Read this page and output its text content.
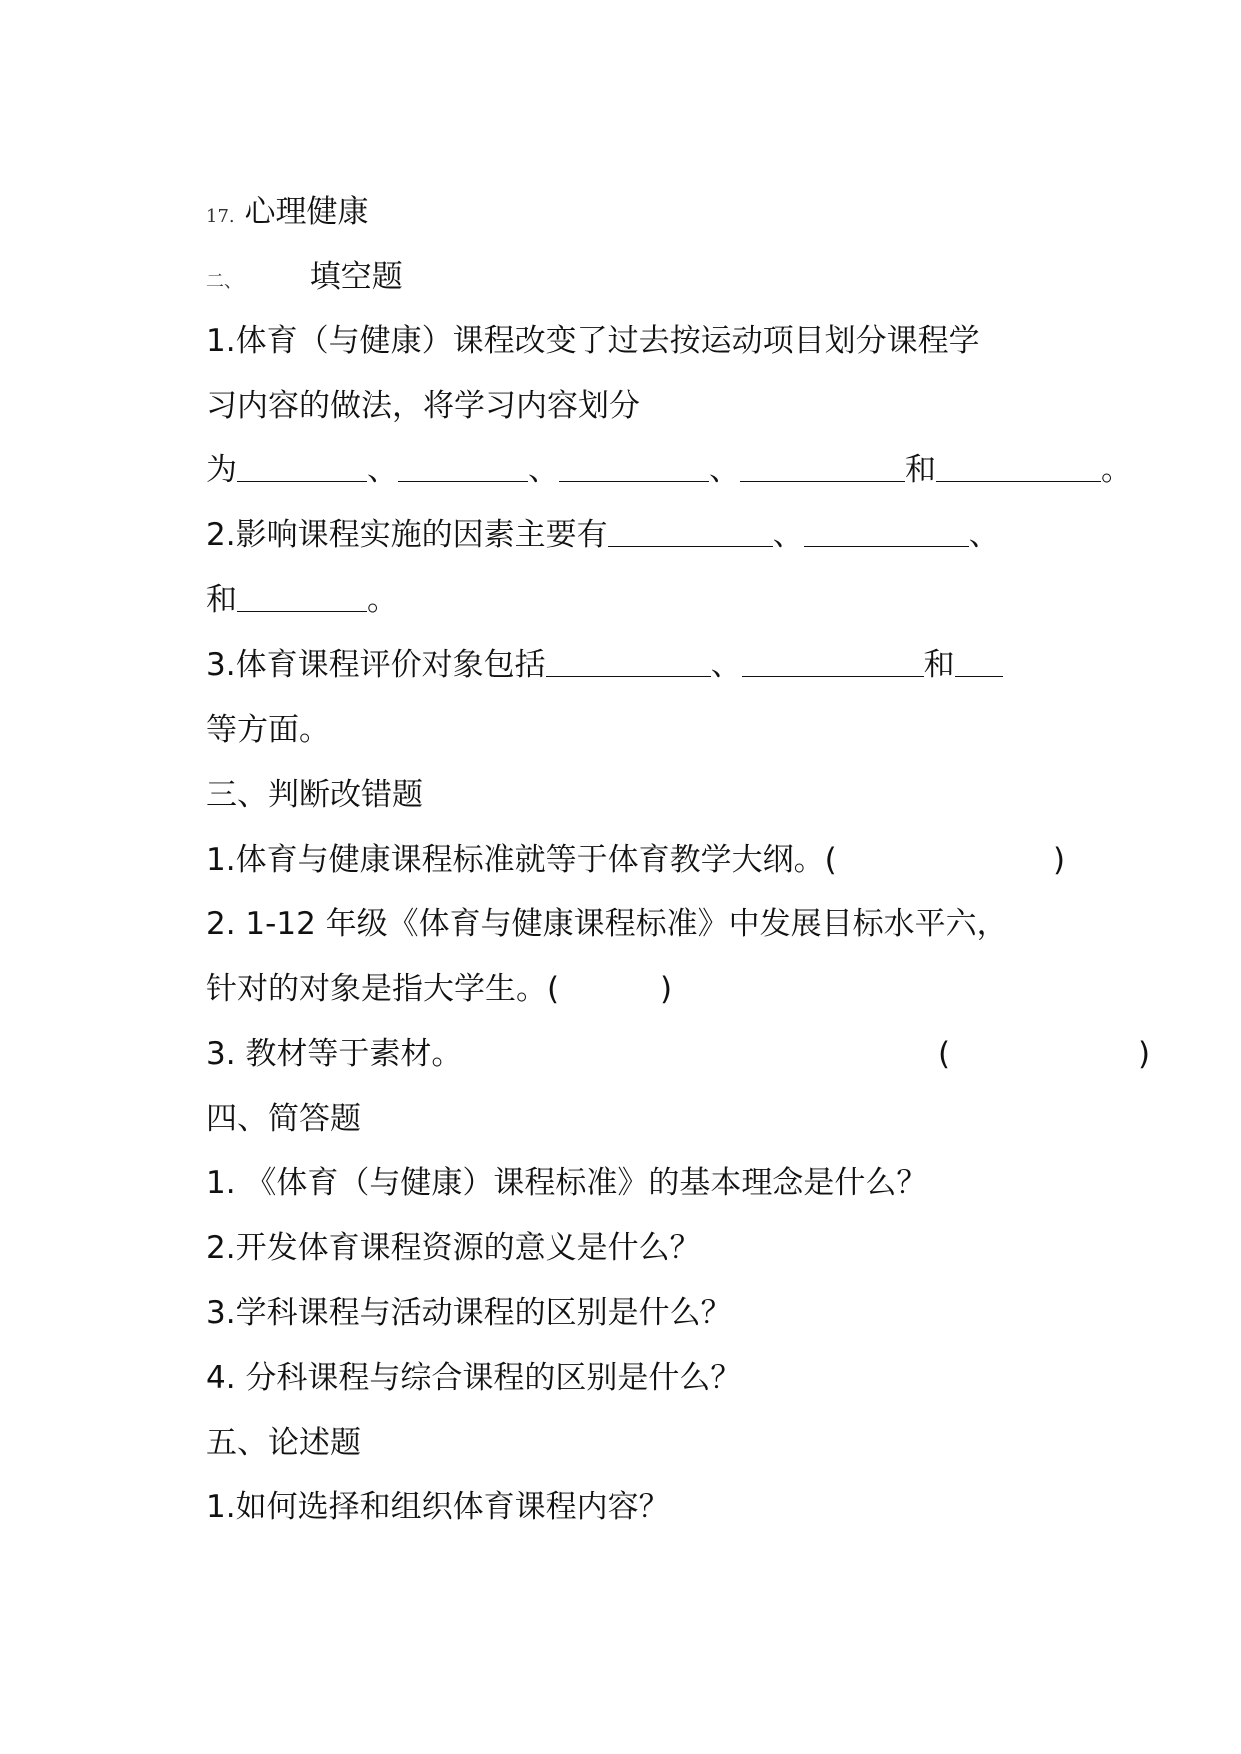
17. 心理健康
二、 填空题
1.体育（与健康）课程改变了过去按运动项目划分课程学
习内容的做法，将学习内容划分
为	、	、	、	和	。
2.影响课程实施的因素主要有	、	、
和	。
3.体育课程评价对象包括	、	和
等方面。
三、判断改错题
1.体育与健康课程标准就等于体育教学大纲。(	)
2. 1-12 年级《体育与健康课程标准》中发展目标水平六，
针对的对象是指大学生。(	)
3. 教材等于素材。	(	)
四、简答题
1. 《体育（与健康）课程标准》的基本理念是什么？
2.开发体育课程资源的意义是什么？
3.学科课程与活动课程的区别是什么？
4. 分科课程与综合课程的区别是什么？
五、论述题
1.如何选择和组织体育课程内容？
